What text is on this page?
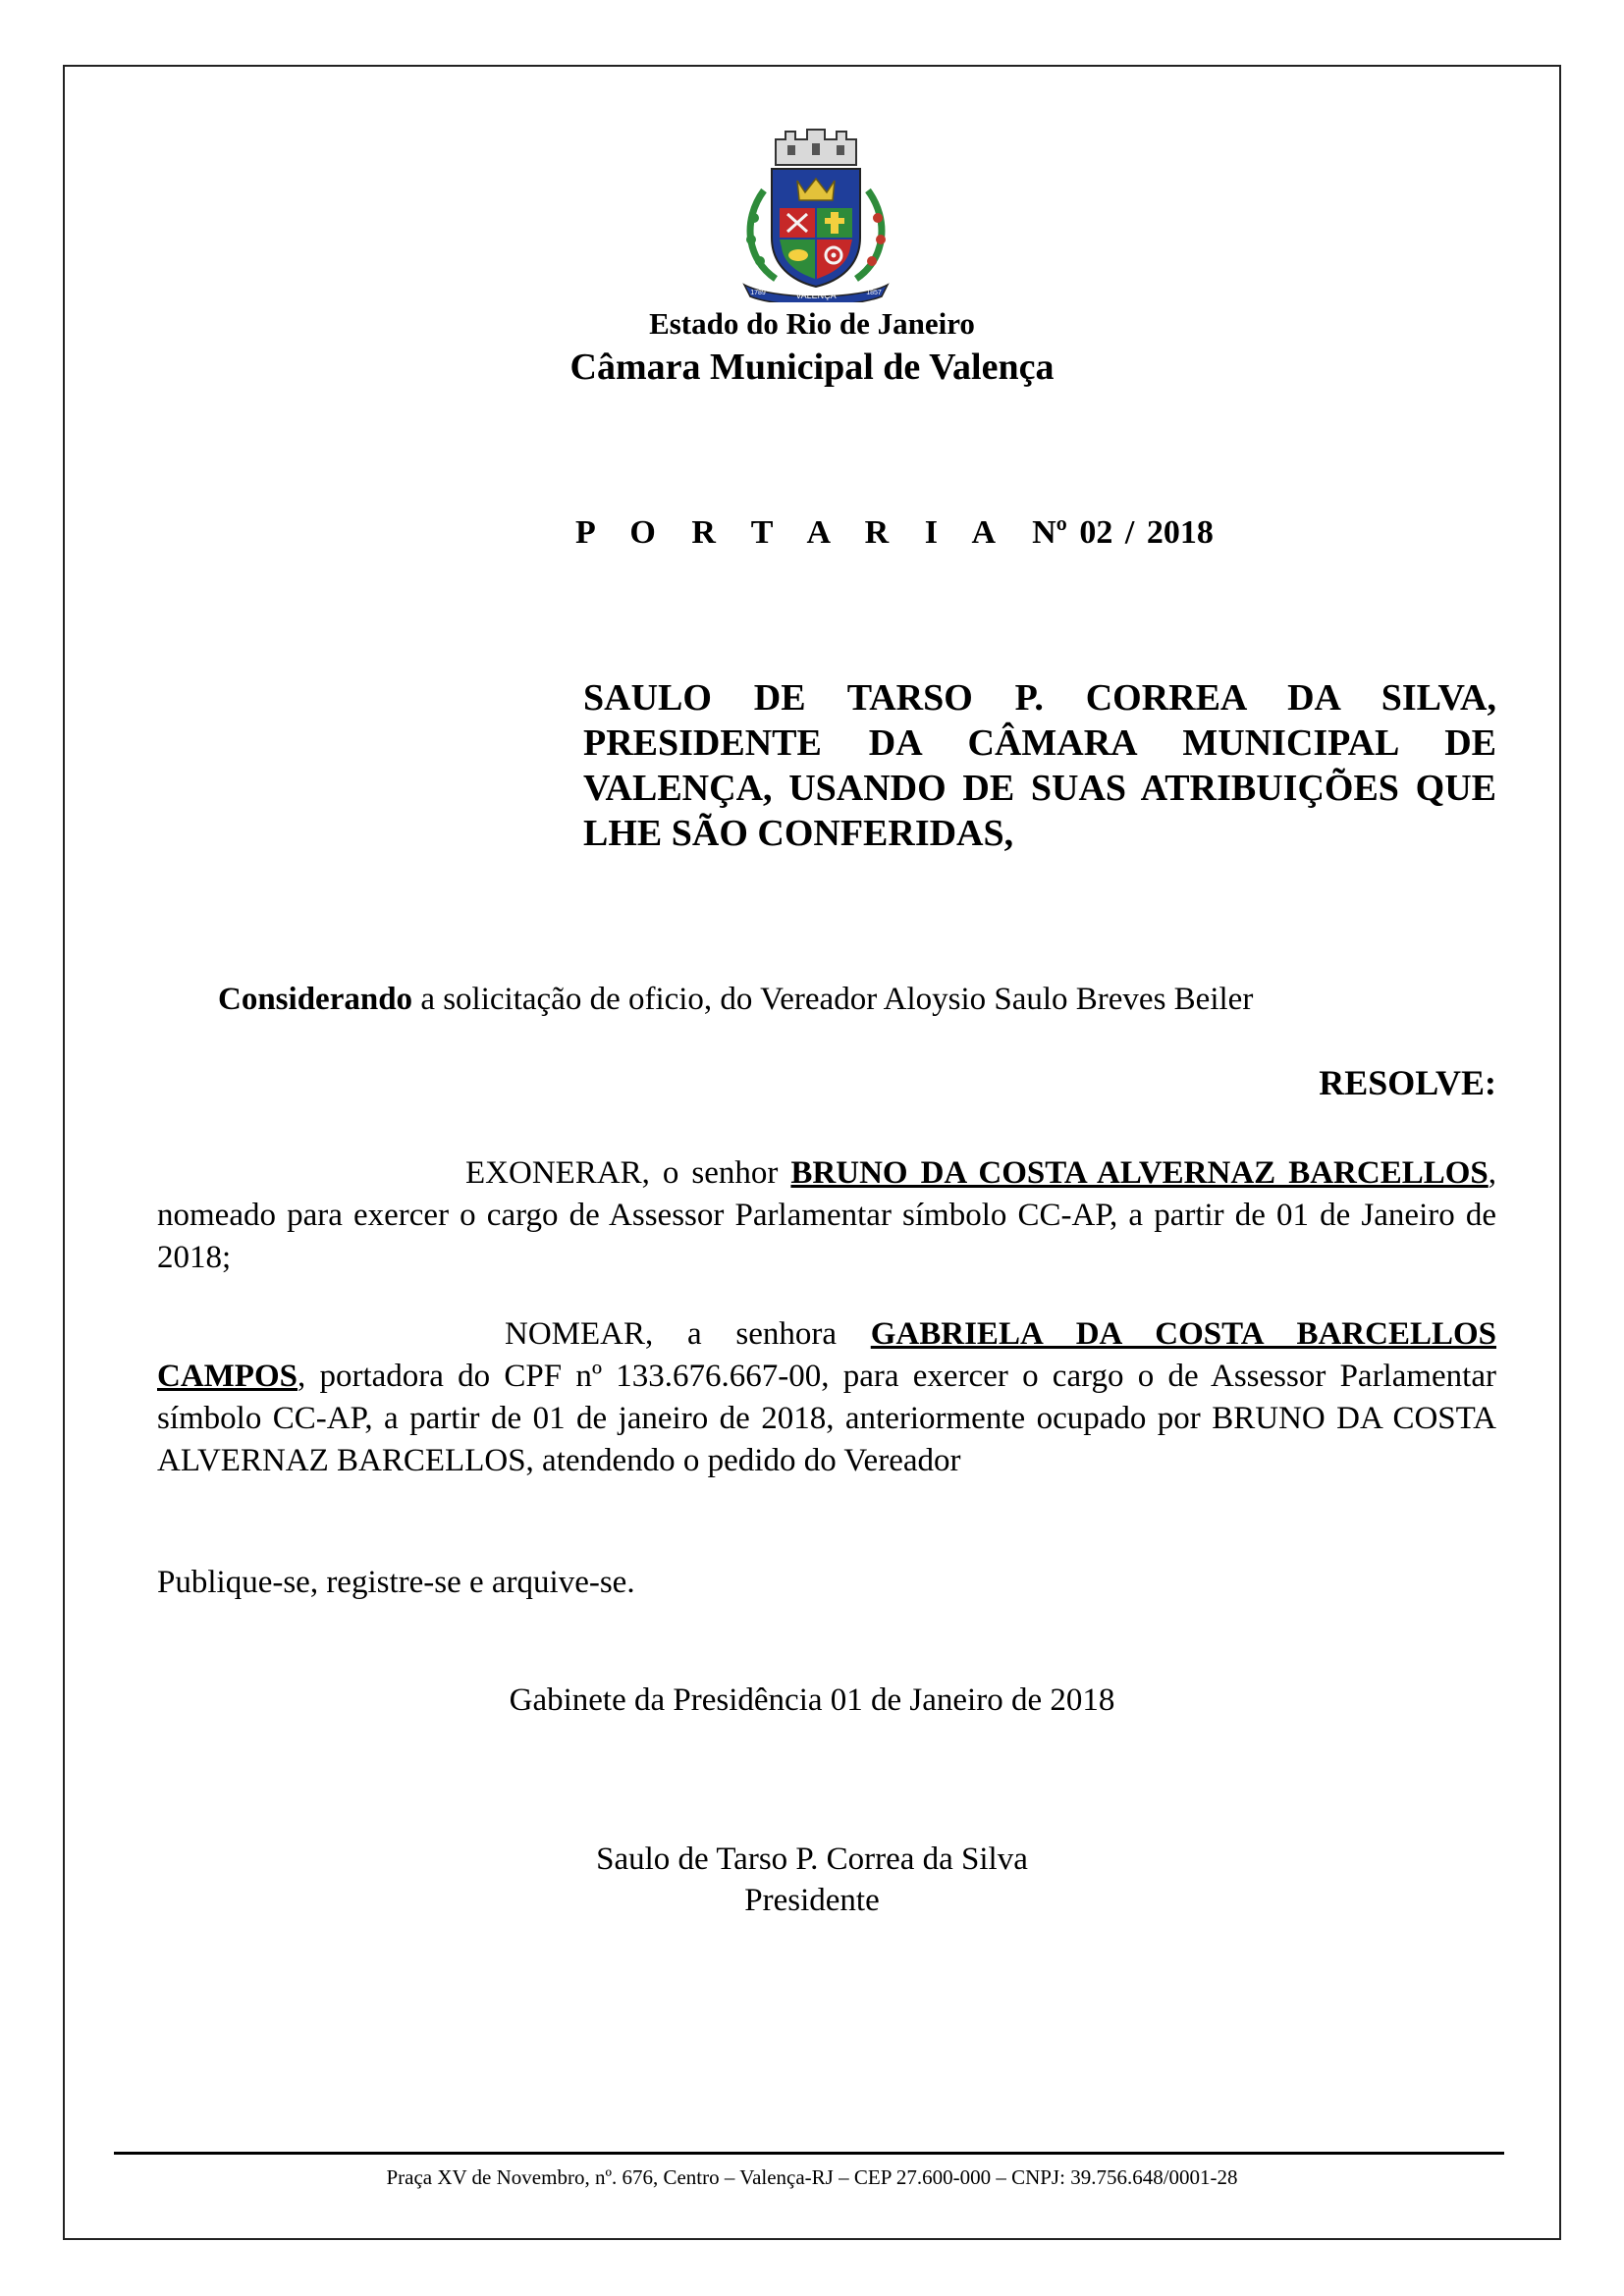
VALENÇA
1789	1857
Estado do Rio de Janeiro
Câmara Municipal de Valença
P O R T A R I A Nº 02 / 2018
SAULO DE TARSO P. CORREA DA SILVA, PRESIDENTE DA CÂMARA MUNICIPAL DE VALENÇA, USANDO DE SUAS ATRIBUIÇÕES QUE LHE SÃO CONFERIDAS,
Considerando a solicitação de oficio, do Vereador Aloysio Saulo Breves Beiler
RESOLVE:
EXONERAR, o senhor BRUNO DA COSTA ALVERNAZ BARCELLOS, nomeado para exercer o cargo de Assessor Parlamentar símbolo CC-AP, a partir de 01 de Janeiro de 2018;
NOMEAR, a senhora GABRIELA DA COSTA BARCELLOS CAMPOS, portadora do CPF nº 133.676.667-00, para exercer o cargo o de Assessor Parlamentar símbolo CC-AP, a partir de 01 de janeiro de 2018, anteriormente ocupado por BRUNO DA COSTA ALVERNAZ BARCELLOS, atendendo o pedido do Vereador
Publique-se, registre-se e arquive-se.
Gabinete da Presidência 01 de Janeiro de 2018
Saulo de Tarso P. Correa da Silva
Presidente
Praça XV de Novembro, nº. 676, Centro – Valença-RJ – CEP 27.600-000 – CNPJ: 39.756.648/0001-28
